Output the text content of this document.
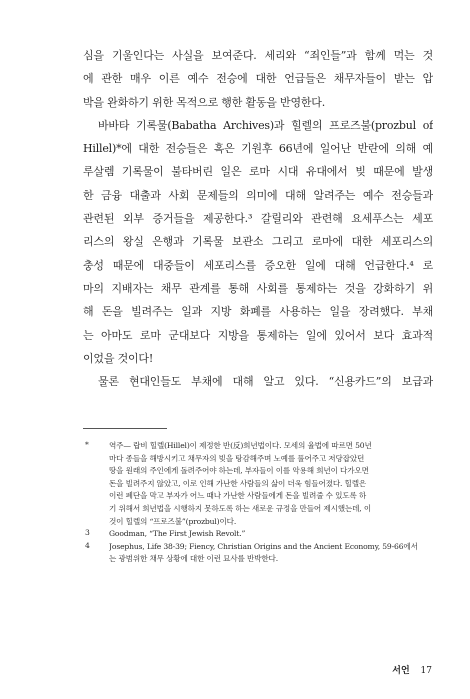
심을 기울인다는 사실을 보여준다. 세리와 “죄인들”과 함께 먹는 것
에 관한 매우 이른 예수 전승에 대한 언급들은 채무자들이 받는 압
박을 완화하기 위한 목적으로 행한 활동을 반영한다.
바바타 기록물(Babatha Archives)과 힐렐의 프로즈불(prozbul of
Hillel)*에 대한 전승들은 혹은 기원후 66년에 일어난 반란에 의해 예
루살렘 기록물이 불타버린 일은 로마 시대 유대에서 빚 때문에 발생
한 금융 대출과 사회 문제들의 의미에 대해 알려주는 예수 전승들과
관련된 외부 증거들을 제공한다.³ 갈릴리와 관련해 요세푸스는 세포
리스의 왕실 은행과 기록물 보관소 그리고 로마에 대한 세포리스의
충성 때문에 대중들이 세포리스를 증오한 일에 대해 언급한다.⁴ 로
마의 지배자는 채무 관계를 통해 사회를 통제하는 것을 강화하기 위
해 돈을 빌려주는 일과 지방 화폐를 사용하는 일을 장려했다. 부채
는 아마도 로마 군대보다 지방을 통제하는 일에 있어서 보다 효과적
이었을 것이다!
물론 현대인들도 부채에 대해 알고 있다. “신용카드”의 보급과
*	역주— 랍비 힐렐(Hillel)이 제정한 반(反)희년법이다. 모세의 율법에 따르면 50년
마다 종들을 해방시키고 채무자의 빚을 탕감해주며 노예를 풀어주고 저당잡았던
땅을 원래의 주인에게 돌려주어야 하는데, 부자들이 이를 악용해 희년이 다가오면
돈을 빌려주지 않았고, 이로 인해 가난한 사람들의 삶이 더욱 힘들어졌다. 힐렐은
이런 폐단을 막고 부자가 어느 때나 가난한 사람들에게 돈을 빌려줄 수 있도록 하
기 위해서 희년법을 시행하지 못하도록 하는 새로운 규정을 만들어 제시했는데, 이
것이 힐렐의 “프로즈불”(prozbul)이다.
3	Goodman, “The First Jewish Revolt.”
4	Josephus, Life 38-39; Fiency, Christian Origins and the Ancient Economy, 59-66에서
는 광범위한 채무 상황에 대한 이런 묘사를 반박한다.
서언 17
